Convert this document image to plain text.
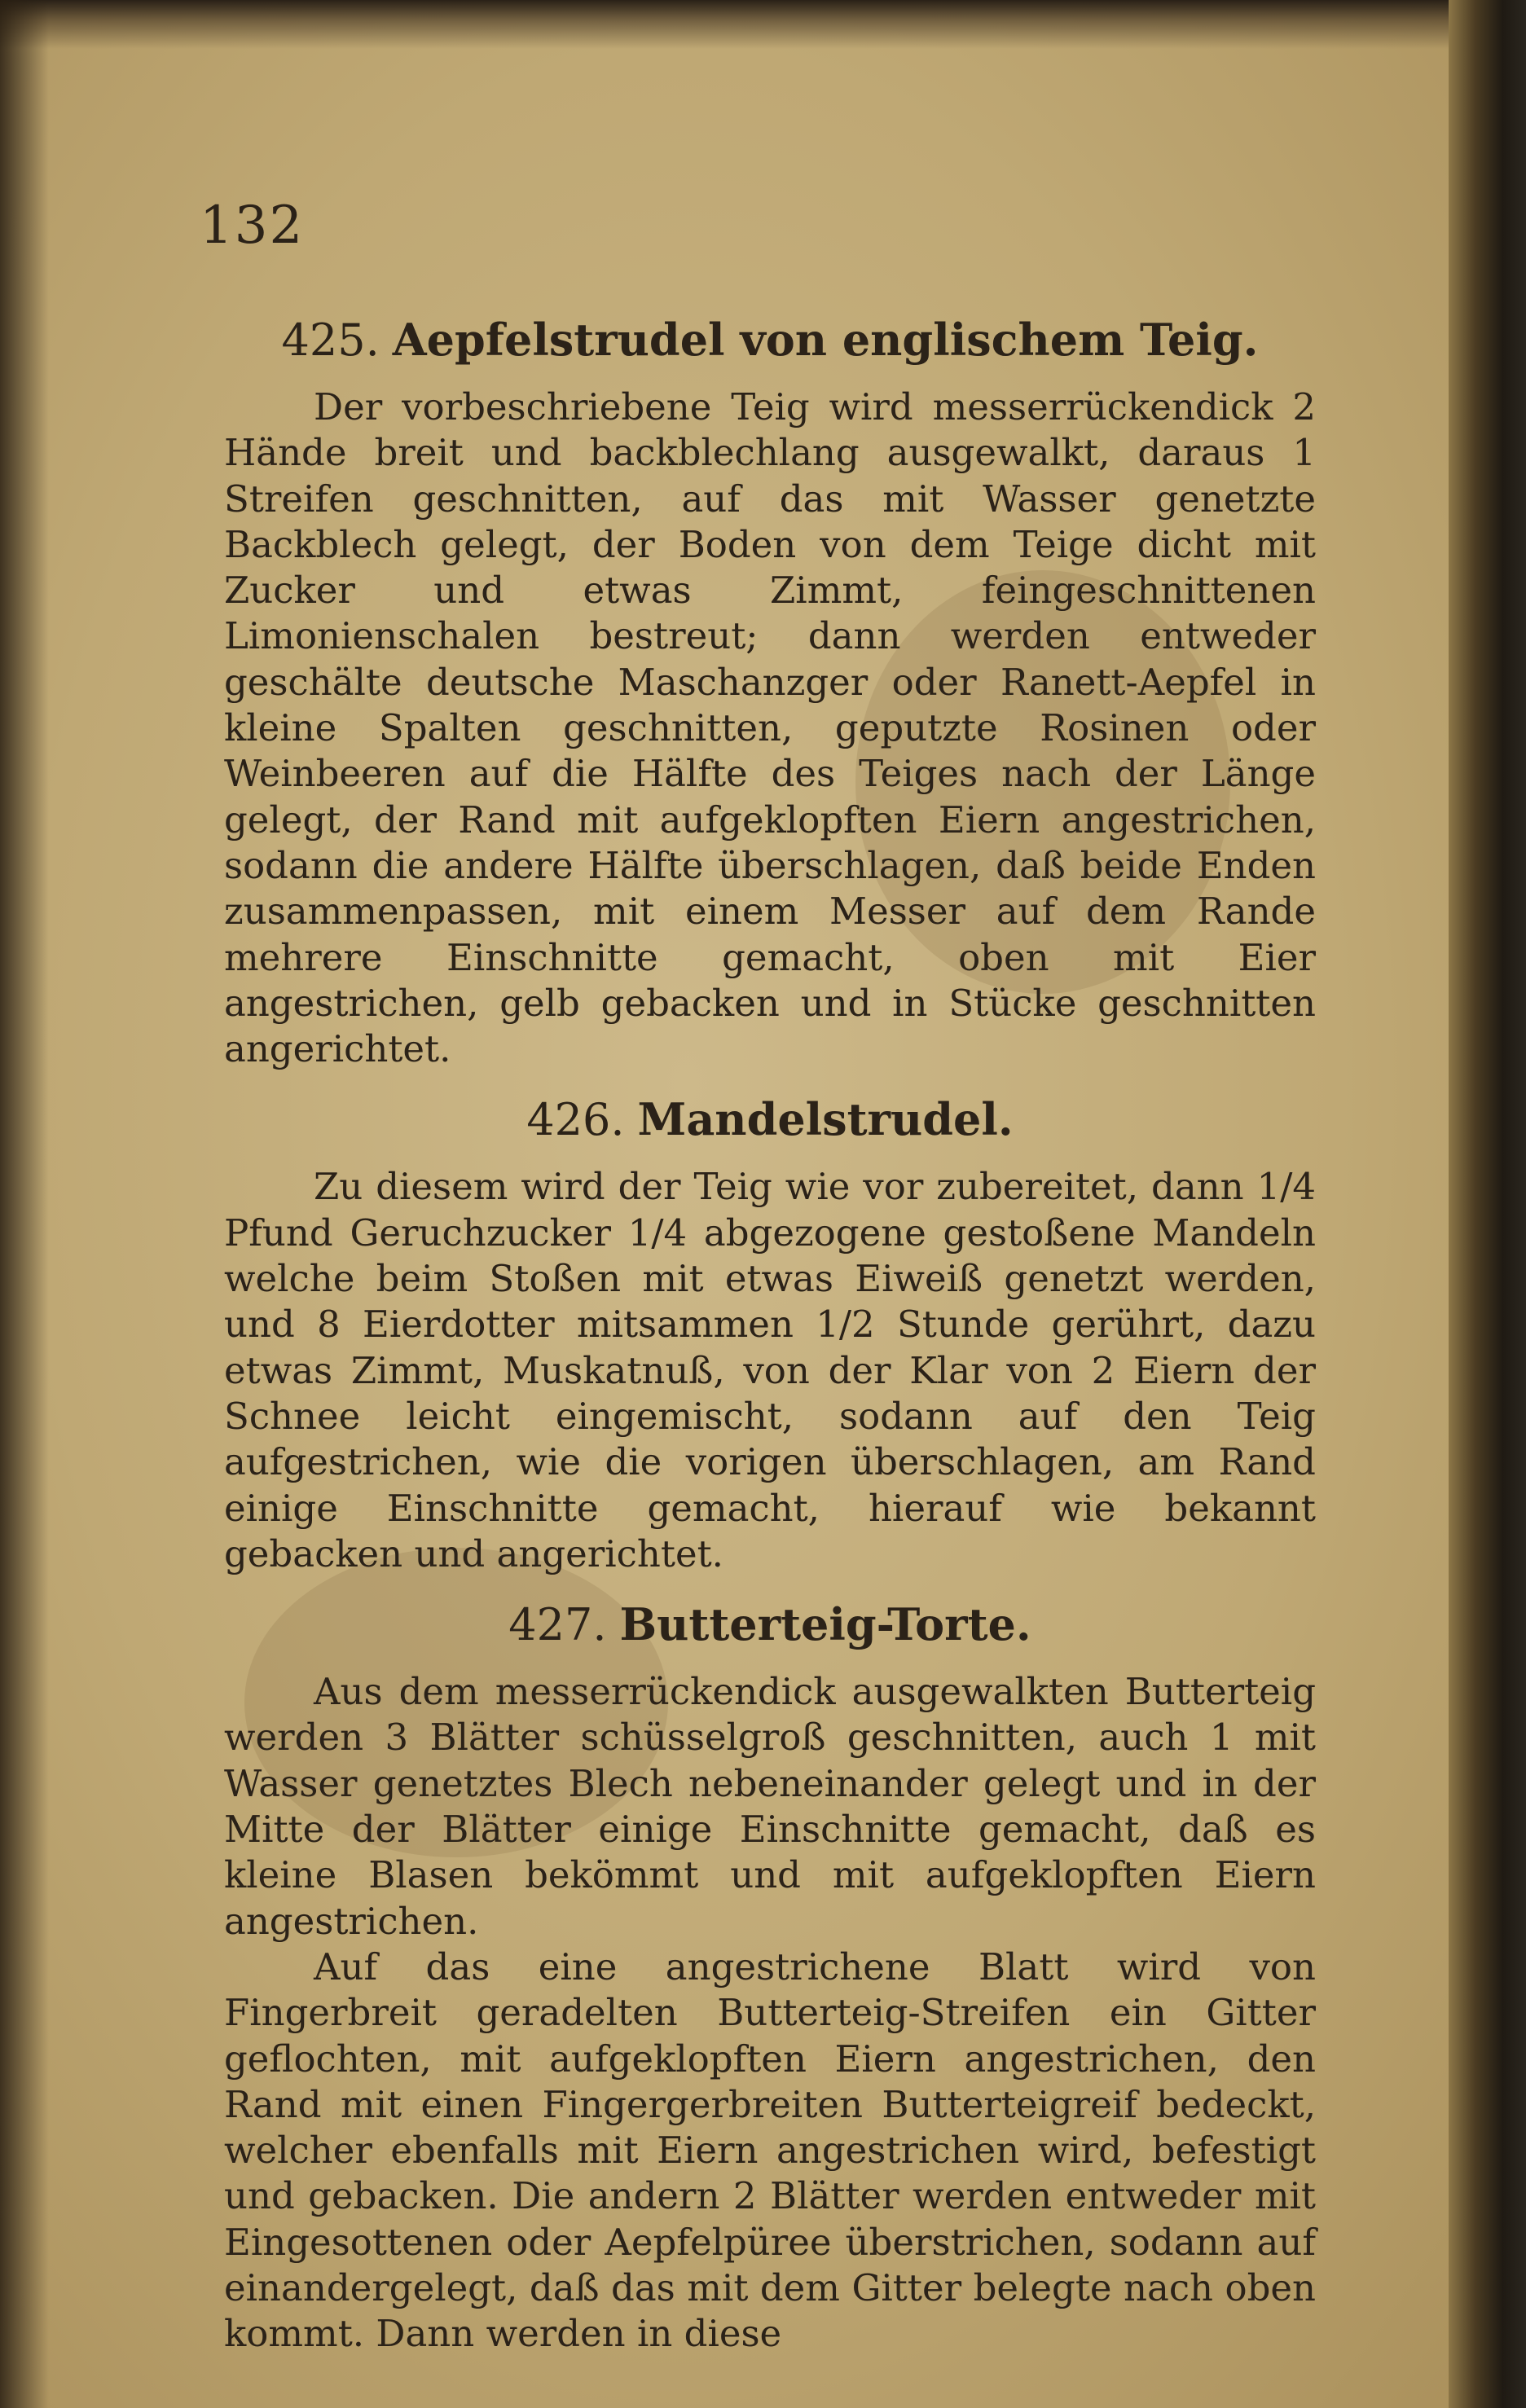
132
425. Aepfelstrudel von englischem Teig.

Der vorbeschriebene Teig wird messerrückendick 2 Hände breit und backblechlang ausgewalkt, daraus 1 Streifen geschnitten, auf das mit Wasser genetzte Backblech gelegt, der Boden von dem Teige dicht mit Zucker und etwas Zimmt, feingeschnittenen Limonienschalen bestreut; dann werden entweder geschälte deutsche Maschanzger oder Ranett-Aepfel in kleine Spalten geschnitten, geputzte Rosinen oder Weinbeeren auf die Hälfte des Teiges nach der Länge gelegt, der Rand mit aufgeklopften Eiern angestrichen, sodann die andere Hälfte überschlagen, daß beide Enden zusammenpassen, mit einem Messer auf dem Rande mehrere Einschnitte gemacht, oben mit Eier angestrichen, gelb gebacken und in Stücke geschnitten angerichtet.

426. Mandelstrudel.

Zu diesem wird der Teig wie vor zubereitet, dann 1/4 Pfund Geruchzucker 1/4 abgezogene gestoßene Mandeln welche beim Stoßen mit etwas Eiweiß genetzt werden, und 8 Eierdotter mitsammen 1/2 Stunde gerührt, dazu etwas Zimmt, Muskatnuß, von der Klar von 2 Eiern der Schnee leicht eingemischt, sodann auf den Teig aufgestrichen, wie die vorigen überschlagen, am Rand einige Einschnitte gemacht, hierauf wie bekannt gebacken und angerichtet.

427. Butterteig-Torte.

Aus dem messerrückendick ausgewalkten Butterteig werden 3 Blätter schüsselgroß geschnitten, auch 1 mit Wasser genetztes Blech nebeneinander gelegt und in der Mitte der Blätter einige Einschnitte gemacht, daß es kleine Blasen bekömmt und mit aufgeklopften Eiern angestrichen.

Auf das eine angestrichene Blatt wird von Fingerbreit geradelten Butterteig-Streifen ein Gitter geflochten, mit aufgeklopften Eiern angestrichen, den Rand mit einen Fingergerbreiten Butterteigreif bedeckt, welcher ebenfalls mit Eiern angestrichen wird, befestigt und gebacken. Die andern 2 Blätter werden entweder mit Eingesottenen oder Aepfelpüree überstrichen, sodann auf einandergelegt, daß das mit dem Gitter belegte nach oben kommt. Dann werden in diese
